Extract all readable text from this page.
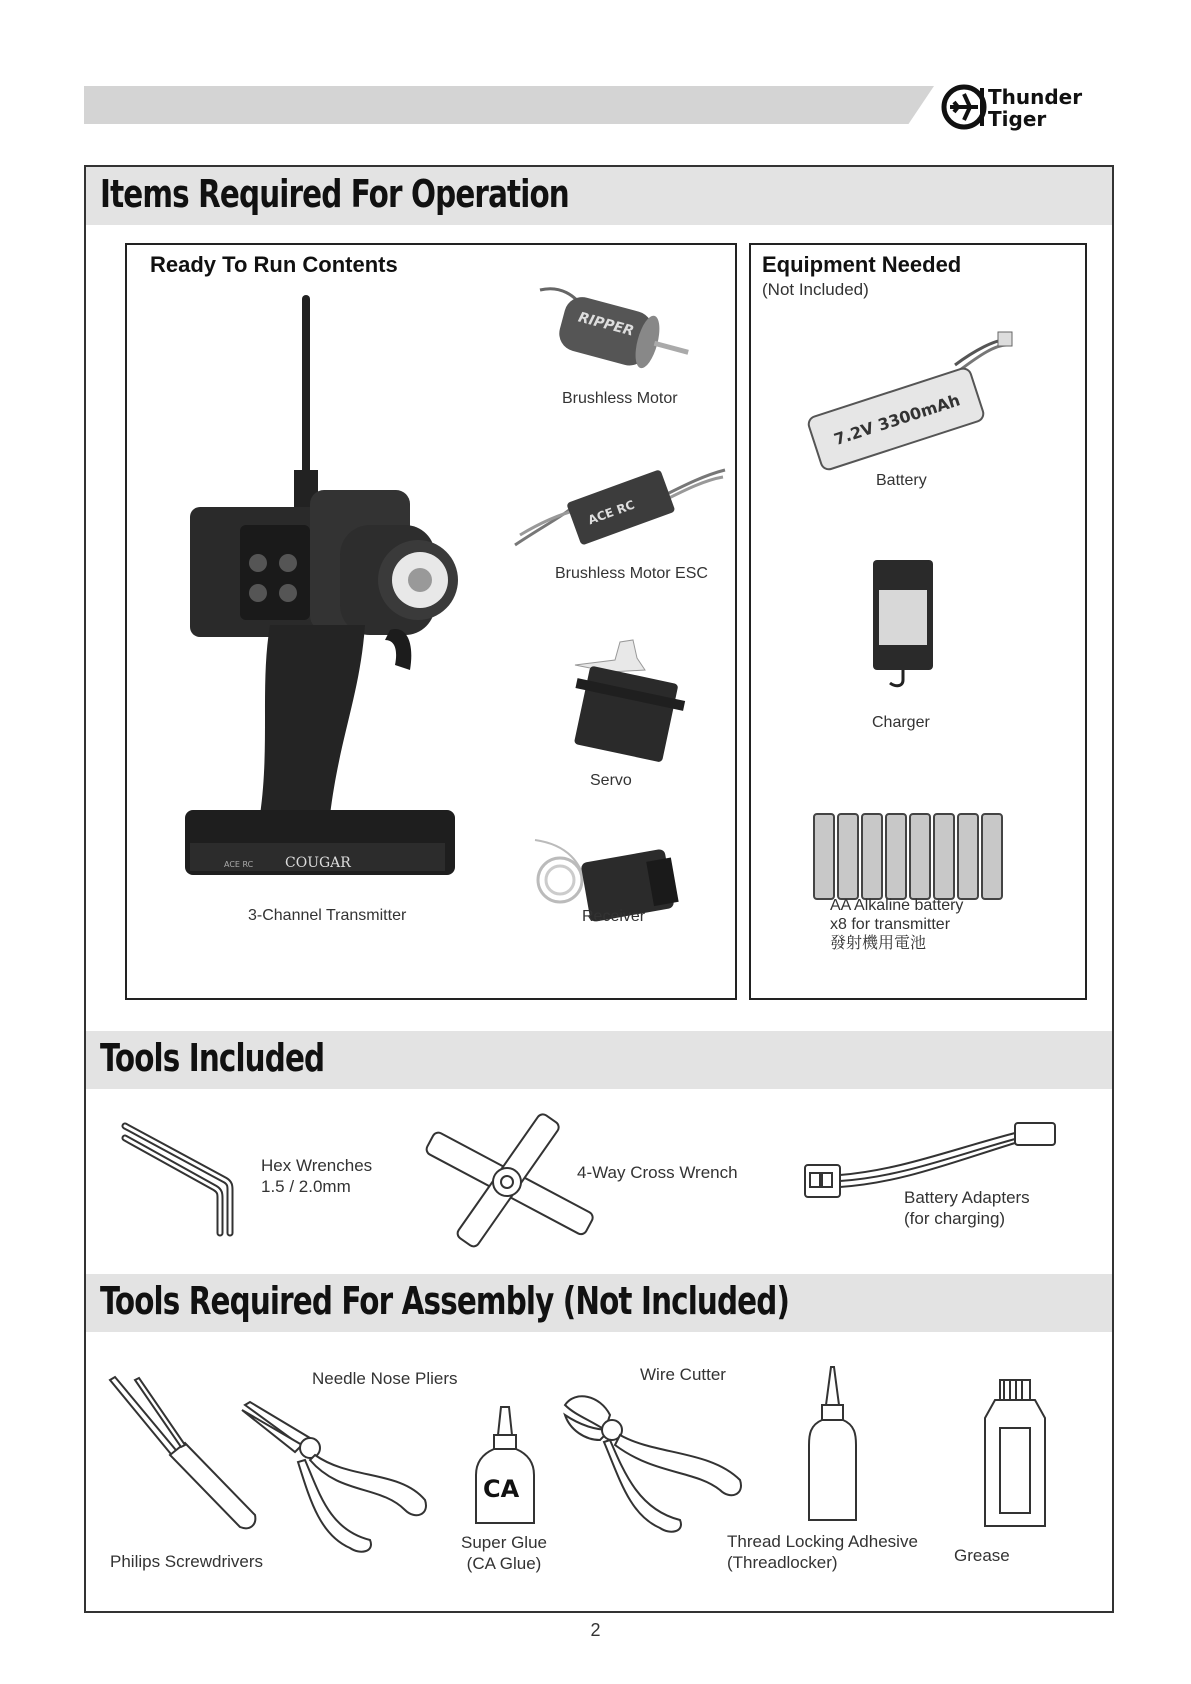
Thunder
Tiger
Items Required For Operation
Ready To Run Contents
COUGAR
ACE RC
3-Channel Transmitter
RIPPER
Brushless Motor
ACE RC
Brushless Motor ESC
Servo
Receiver
Equipment Needed
(Not Included)
7.2V 3300mAh
Battery
Charger
AA Alkaline battery
x8 for transmitter
發射機用電池
Tools Included
Hex Wrenches
1.5 / 2.0mm
4-Way Cross Wrench
Battery Adapters
(for charging)
Tools Required For Assembly (Not Included)
Philips Screwdrivers
Needle Nose Pliers
CA
Super Glue
(CA Glue)
Wire Cutter
Thread Locking Adhesive
(Threadlocker)	Grease
2
